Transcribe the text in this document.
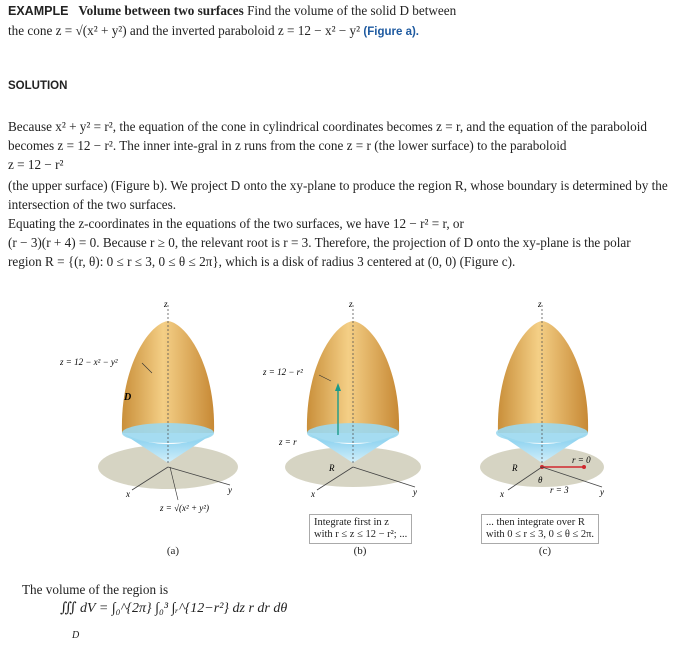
EXAMPLE Volume between two surfaces Find the volume of the solid D between
the cone z = √(x² + y²) and the inverted paraboloid z = 12 − x² − y² (Figure a).
SOLUTION
Because x² + y² = r², the equation of the cone in cylindrical coordinates becomes z = r, and the equation of the paraboloid
becomes z = 12 − r². The inner inte-gral in z runs from the cone z = r (the lower surface) to the paraboloid
z = 12 − r²
(the upper surface) (Figure b). We project D onto the xy-plane to produce the region R, whose boundary is determined by the
intersection of the two surfaces.
Equating the z-coordinates in the equations of the two surfaces, we have 12 − r² = r, or
(r − 3)(r + 4) = 0. Because r ≥ 0, the relevant root is r = 3. Therefore, the projection of D onto the xy-plane is the polar
region R = {(r, θ): 0 ≤ r ≤ 3, 0 ≤ θ ≤ 2π}, which is a disk of radius 3 centered at (0, 0) (Figure c).
z
x	y
z = 12 − x² − y²
D
z = √(x² + y²)
(a)
z
x	y
z = 12 − r²
z = r
R
Integrate first in z
with r ≤ z ≤ 12 − r²; ...
(b)
z
x	y
R
θ
r = 0
r = 3
... then integrate over R
with 0 ≤ r ≤ 3, 0 ≤ θ ≤ 2π.
(c)
The volume of the region is
∭ dV = ∫₀^{2π} ∫₀³ ∫ᵣ^{12−r²} dz r dr dθ
D
